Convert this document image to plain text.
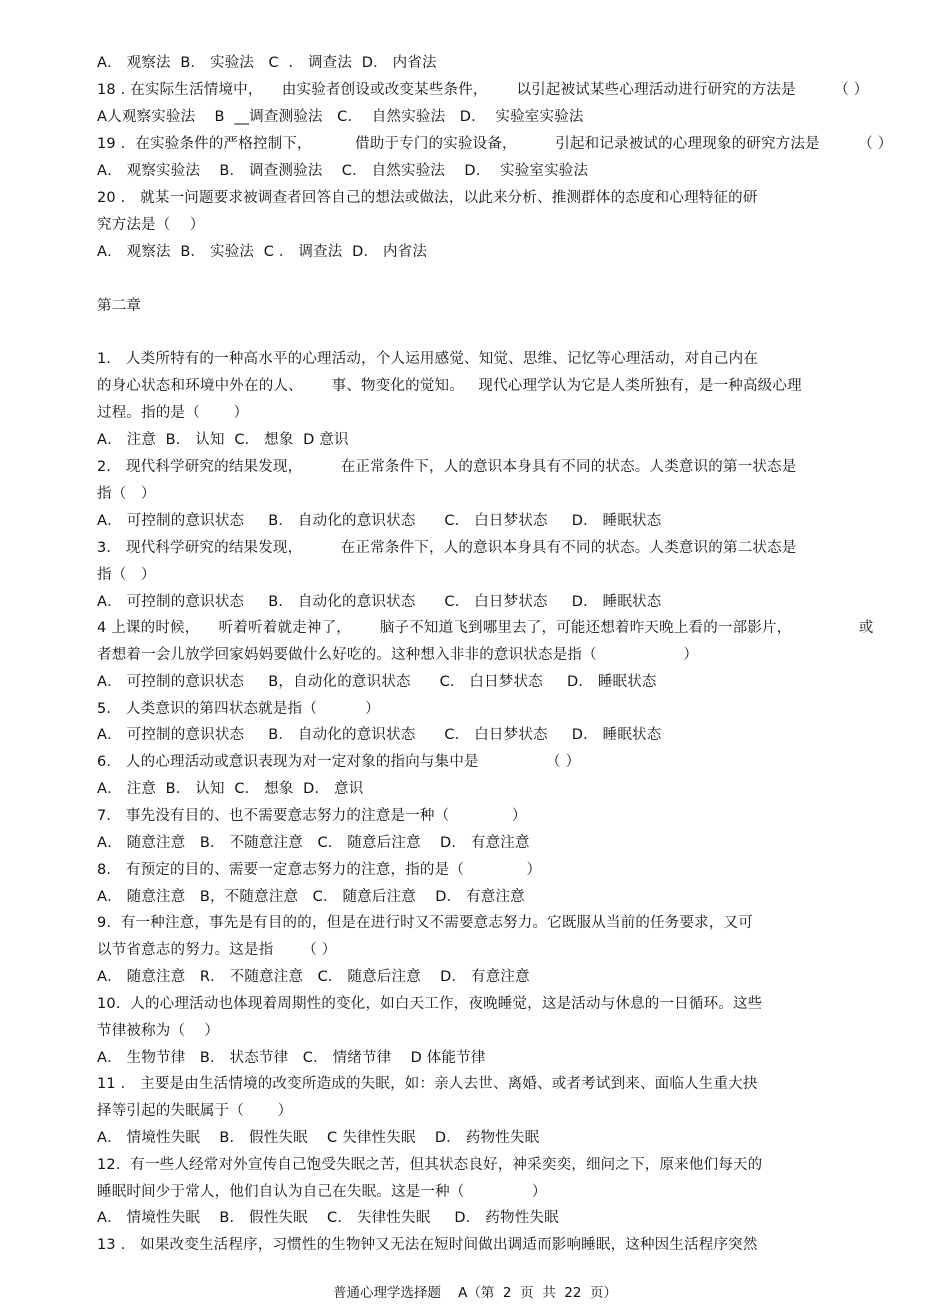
A． 观察法  B． 实验法   C  ． 调查法  D． 内省法
18 . 在实际生活情境中，    由实验者创设或改变某些条件，      以引起被试某些心理活动进行研究的方法是        （ ）
A人观察实验法    B  __调查测验法   C．  自然实验法   D．  实验室实验法
19 ．在实验条件的严格控制下，         借助于专门的实验设备，        引起和记录被试的心理现象的研究方法是        （ ）
A． 观察实验法    B． 调查测验法    C． 自然实验法    D．  实验室实验法
20 ． 就某一问题要求被调查者回答自己的想法或做法，以此来分析、推测群体的态度和心理特征的研
究方法是（    ）
A． 观察法  B． 实验法  C ． 调查法  D． 内省法
第二章
1． 人类所特有的一种高水平的心理活动，个人运用感觉、知觉、思维、记忆等心理活动，对自己内在
的身心状态和环境中外在的人、      事、物变化的觉知。   现代心理学认为它是人类所独有，是一种高级心理
过程。指的是（       ）
A． 注意  B． 认知  C． 想象  D 意识
2． 现代科学研究的结果发现，        在正常条件下，人的意识本身具有不同的状态。人类意识的第一状态是
指（   ）
A． 可控制的意识状态     B． 自动化的意识状态      C． 白日梦状态     D． 睡眠状态
3． 现代科学研究的结果发现，        在正常条件下，人的意识本身具有不同的状态。人类意识的第二状态是
指（   ）
A． 可控制的意识状态     B． 自动化的意识状态      C． 白日梦状态     D． 睡眠状态
4 上课的时候，    听着听着就走神了，      脑子不知道飞到哪里去了，可能还想着昨天晚上看的一部影片，              或
者想着一会儿放学回家妈妈要做什么好吃的。这种想入非非的意识状态是指（                  ）
A． 可控制的意识状态     B，自动化的意识状态      C． 白日梦状态     D． 睡眠状态
5． 人类意识的第四状态就是指（          ）
A． 可控制的意识状态     B． 自动化的意识状态      C． 白日梦状态     D． 睡眠状态
6． 人的心理活动或意识表现为对一定对象的指向与集中是              （ ）
A． 注意  B． 认知  C． 想象  D． 意识
7． 事先没有目的、也不需要意志努力的注意是一种（             ）
A． 随意注意   B． 不随意注意   C． 随意后注意    D． 有意注意
8． 有预定的目的、需要一定意志努力的注意，指的是（             ）
A． 随意注意   B，不随意注意   C． 随意后注意    D． 有意注意
9.  有一种注意，事先是有目的的，但是在进行时又不需要意志努力。它既服从当前的任务要求，又可
以节省意志的努力。这是指      （ ）
A． 随意注意   R． 不随意注意   C． 随意后注意    D． 有意注意
10.  人的心理活动也体现着周期性的变化，如白天工作，夜晚睡觉，这是活动与休息的一日循环。这些
节律被称为（    ）
A． 生物节律   B． 状态节律   C． 情绪节律    D 体能节律
11 ． 主要是由生活情境的改变所造成的失眠，如：亲人去世、离婚、或者考试到来、面临人生重大抉
择等引起的失眠属于（       ）
A． 情境性失眠    B． 假性失眠    C 失律性失眠    D． 药物性失眠
12.  有一些人经常对外宣传自己饱受失眠之苦，但其状态良好，神采奕奕，细问之下，原来他们每天的
睡眠时间少于常人，他们自认为自己在失眠。这是一种（              ）
A． 情境性失眠    B． 假性失眠    C． 失律性失眠     D． 药物性失眠
13 ． 如果改变生活程序，习惯性的生物钟又无法在短时间做出调适而影响睡眠，这种因生活程序突然
普通心理学选择题    A（第  2  页  共  22  页）
